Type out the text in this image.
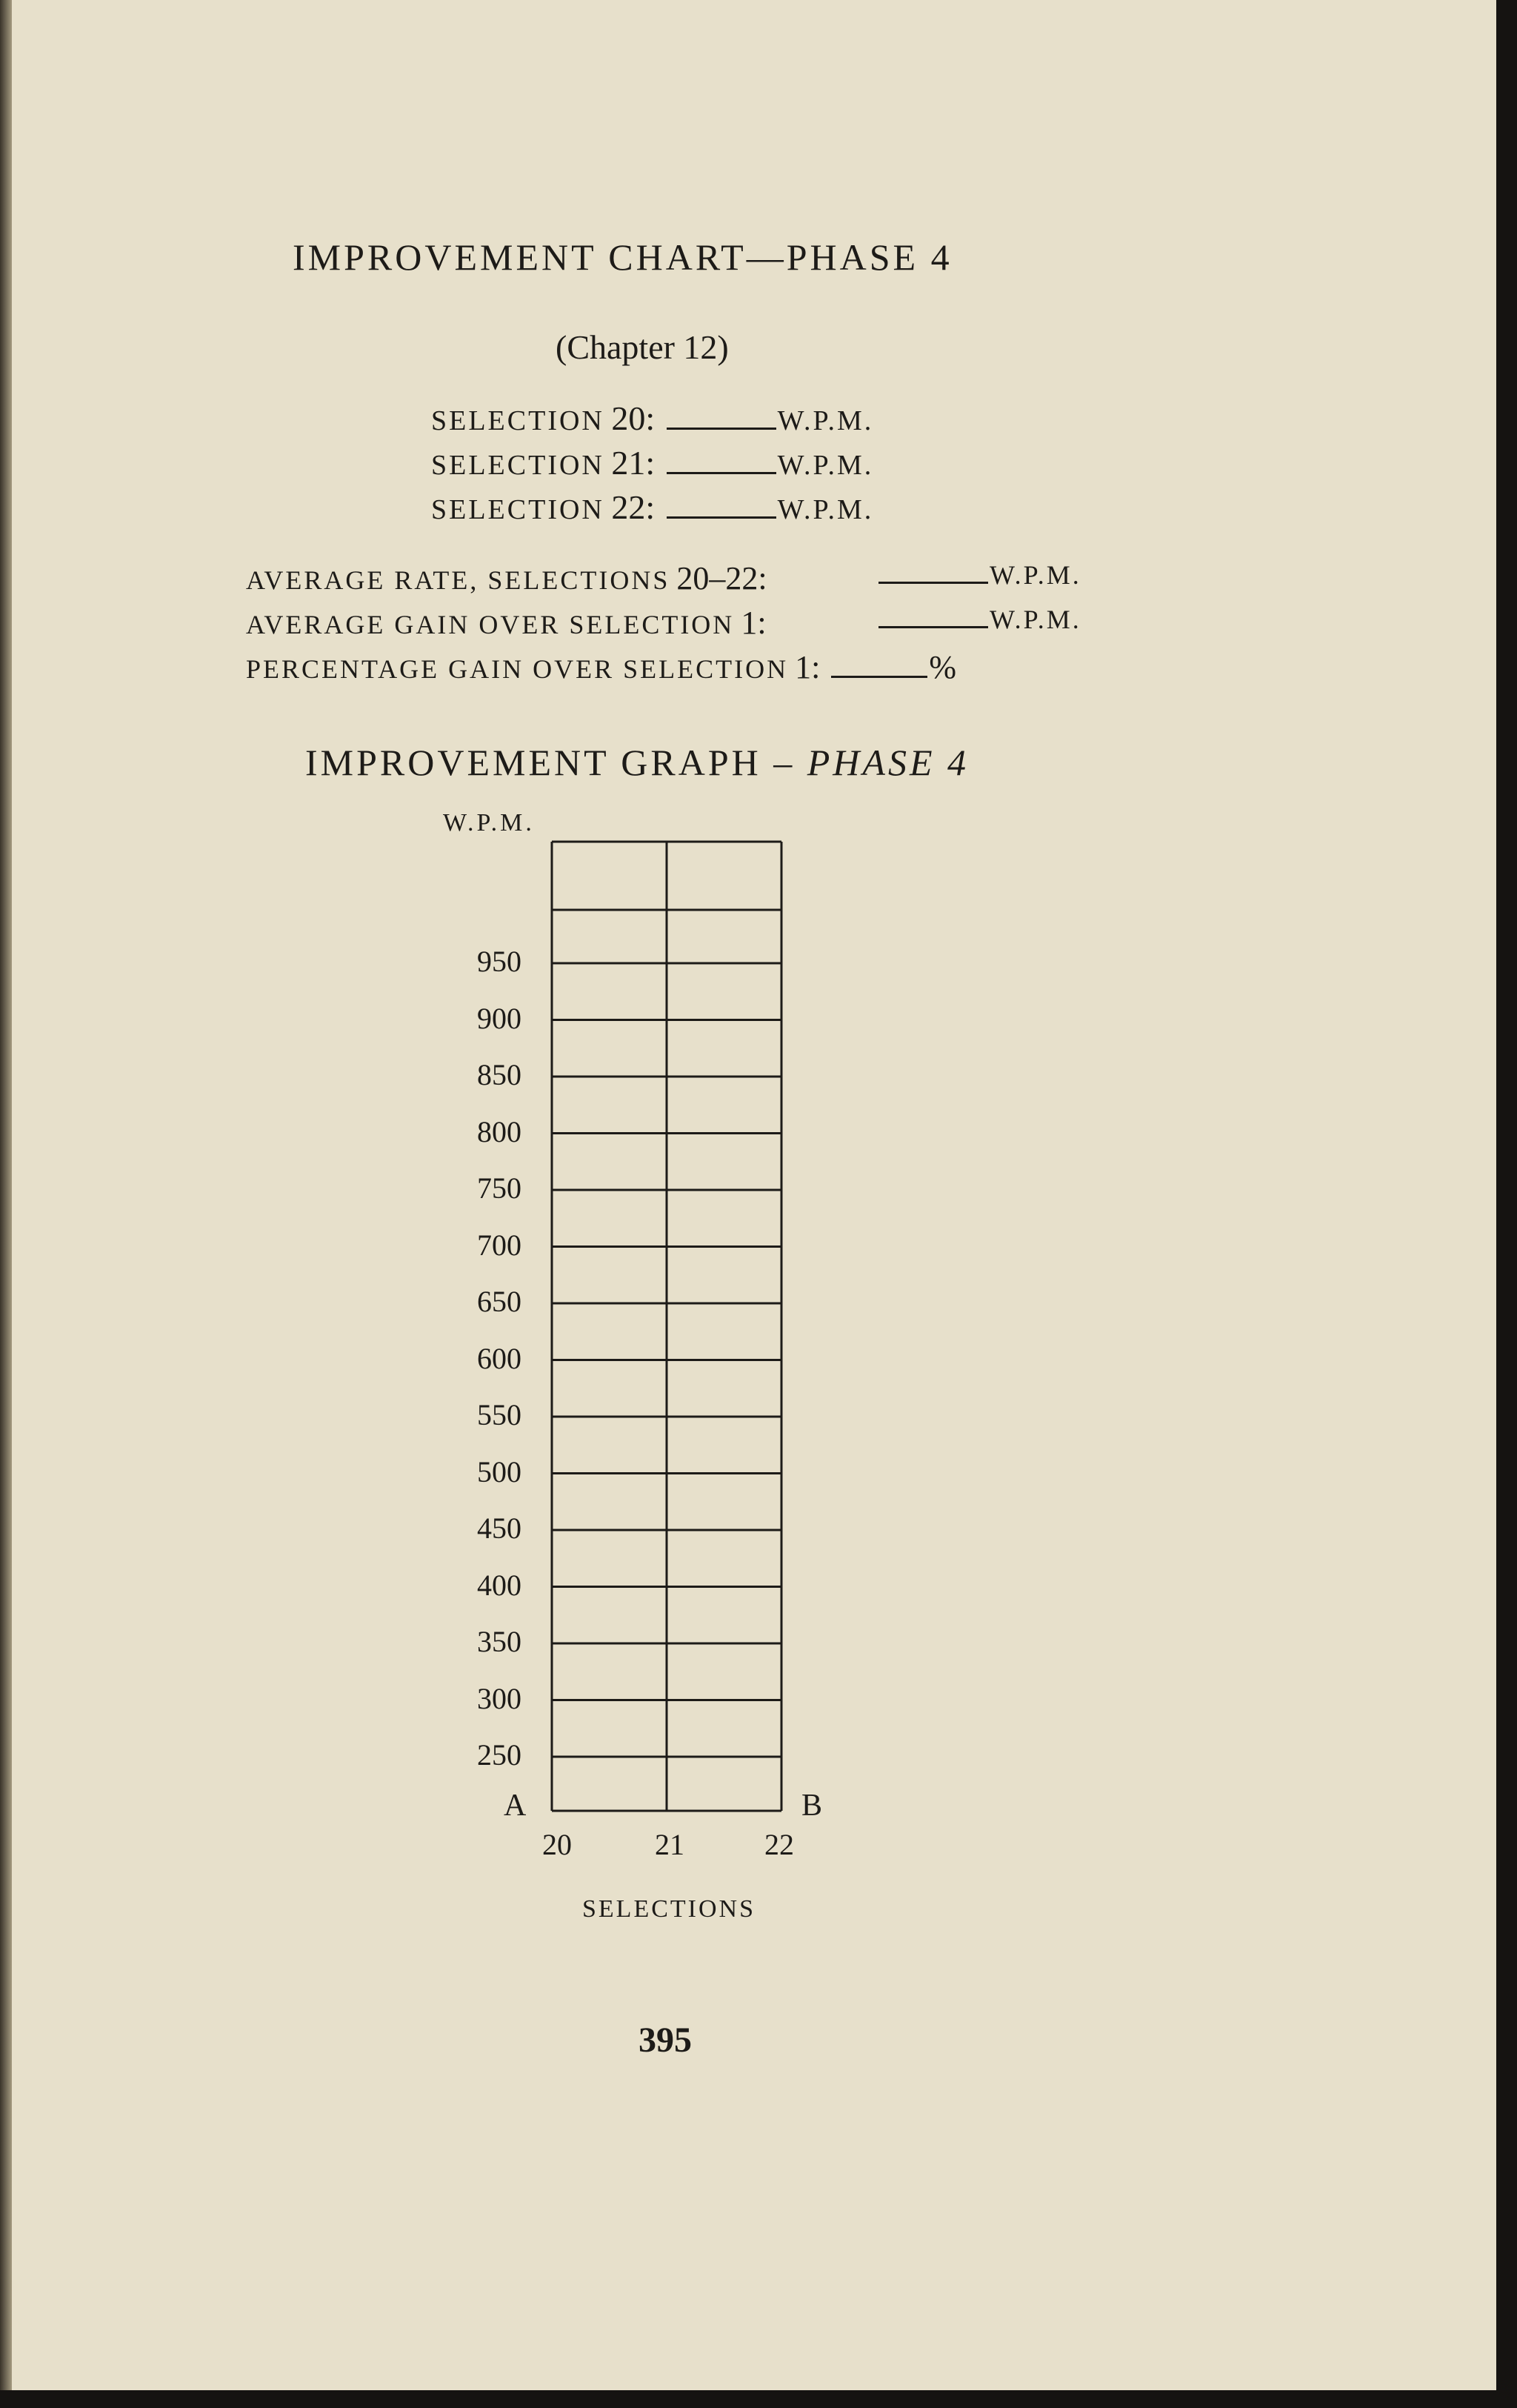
IMPROVEMENT CHART—PHASE 4
(Chapter 12)
SELECTION 20:	W.P.M.
SELECTION 21:	W.P.M.
SELECTION 22:	W.P.M.
AVERAGE RATE, SELECTIONS 20–22:	W.P.M.
AVERAGE GAIN OVER SELECTION 1:	W.P.M.
PERCENTAGE GAIN OVER SELECTION 1:	%
IMPROVEMENT GRAPH – PHASE 4
W.P.M.
950
900
850
800
750
700
650
600
550
500
450
400
350
300
250
20	21	22
A	B
SELECTIONS
395
